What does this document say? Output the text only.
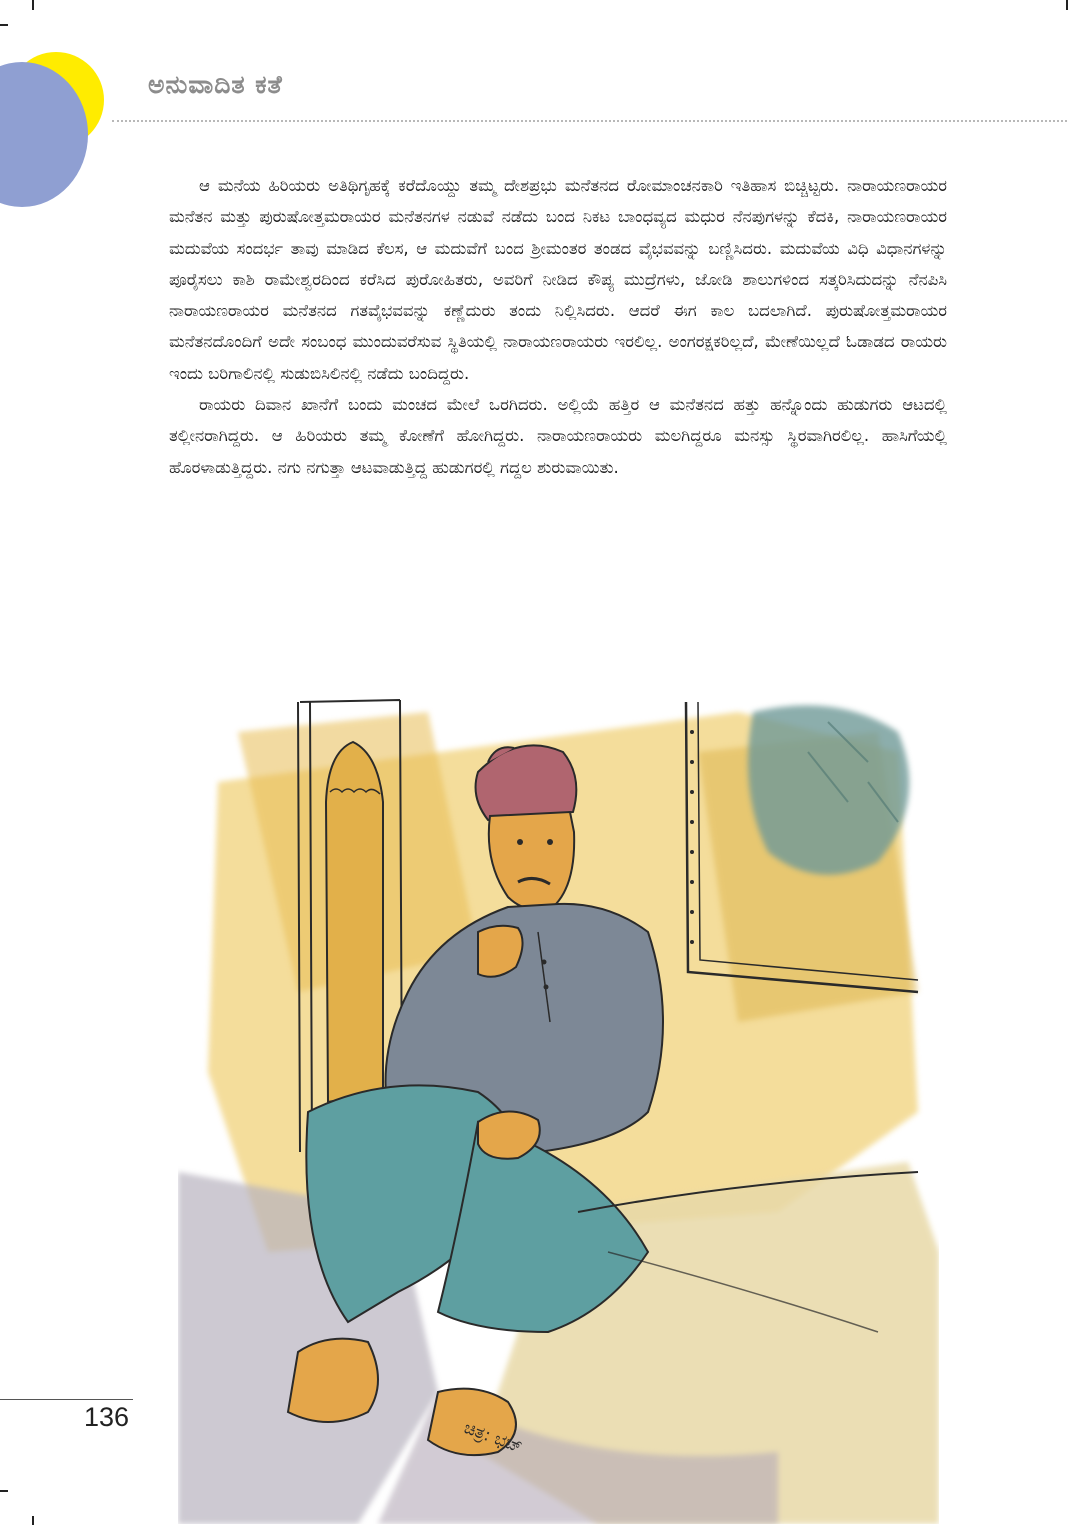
ಅನುವಾದಿತ ಕತೆ

ಆ ಮನೆಯ ಹಿರಿಯರು ಅತಿಥಿಗೃಹಕ್ಕೆ ಕರೆದೊಯ್ದು ತಮ್ಮ ದೇಶಪ್ರಭು ಮನೆತನದ ರೋಮಾಂಚನಕಾರಿ ಇತಿಹಾಸ ಬಿಚ್ಚಿಟ್ಟರು. ನಾರಾಯಣರಾಯರ ಮನೆತನ ಮತ್ತು ಪುರುಷೋತ್ತಮರಾಯರ ಮನೆತನಗಳ ನಡುವೆ ನಡೆದು ಬಂದ ನಿಕಟ ಬಾಂಧವ್ಯದ ಮಧುರ ನೆನಪುಗಳನ್ನು ಕೆದಕಿ, ನಾರಾಯಣರಾಯರ ಮದುವೆಯ ಸಂದರ್ಭ ತಾವು ಮಾಡಿದ ಕೆಲಸ, ಆ ಮದುವೆಗೆ ಬಂದ ಶ್ರೀಮಂತರ ತಂಡದ ವೈಭವವನ್ನು ಬಣ್ಣಿಸಿದರು. ಮದುವೆಯ ವಿಧಿ ವಿಧಾನಗಳನ್ನು ಪೂರೈಸಲು ಕಾಶಿ ರಾಮೇಶ್ವರದಿಂದ ಕರೆಸಿದ ಪುರೋಹಿತರು, ಅವರಿಗೆ ನೀಡಿದ ಕೌಪ್ಯ ಮುದ್ರೆಗಳು, ಜೋಡಿ ಶಾಲುಗಳಿಂದ ಸತ್ಕರಿಸಿದುದನ್ನು ನೆನಪಿಸಿ ನಾರಾಯಣರಾಯರ ಮನೆತನದ ಗತವೈಭವವನ್ನು ಕಣ್ಣೆದುರು ತಂದು ನಿಲ್ಲಿಸಿದರು. ಆದರೆ ಈಗ ಕಾಲ ಬದಲಾಗಿದೆ. ಪುರುಷೋತ್ತಮರಾಯರ ಮನೆತನದೊಂದಿಗೆ ಅದೇ ಸಂಬಂಧ ಮುಂದುವರೆಸುವ ಸ್ಥಿತಿಯಲ್ಲಿ ನಾರಾಯಣರಾಯರು ಇರಲಿಲ್ಲ. ಅಂಗರಕ್ಷಕರಿಲ್ಲದೆ, ಮೇಣೆಯಿಲ್ಲದೆ ಓಡಾಡದ ರಾಯರು ಇಂದು ಬರಿಗಾಲಿನಲ್ಲಿ ಸುಡುಬಿಸಿಲಿನಲ್ಲಿ ನಡೆದು ಬಂದಿದ್ದರು.

ರಾಯರು ದಿವಾನ ಖಾನೆಗೆ ಬಂದು ಮಂಚದ ಮೇಲೆ ಒರಗಿದರು. ಅಲ್ಲಿಯೆ ಹತ್ತಿರ ಆ ಮನೆತನದ ಹತ್ತು ಹನ್ನೊಂದು ಹುಡುಗರು ಆಟದಲ್ಲಿ ತಲ್ಲೀನರಾಗಿದ್ದರು. ಆ ಹಿರಿಯರು ತಮ್ಮ ಕೋಣೆಗೆ ಹೋಗಿದ್ದರು. ನಾರಾಯಣರಾಯರು ಮಲಗಿದ್ದರೂ ಮನಸ್ಸು ಸ್ಥಿರವಾಗಿರಲಿಲ್ಲ. ಹಾಸಿಗೆಯಲ್ಲಿ ಹೊರಳಾಡುತ್ತಿದ್ದರು. ನಗು ನಗುತ್ತಾ ಆಟವಾಡುತ್ತಿದ್ದ ಹುಡುಗರಲ್ಲಿ ಗದ್ದಲ ಶುರುವಾಯಿತು.

ಚಿತ್ರ: ಭಟ್
136
